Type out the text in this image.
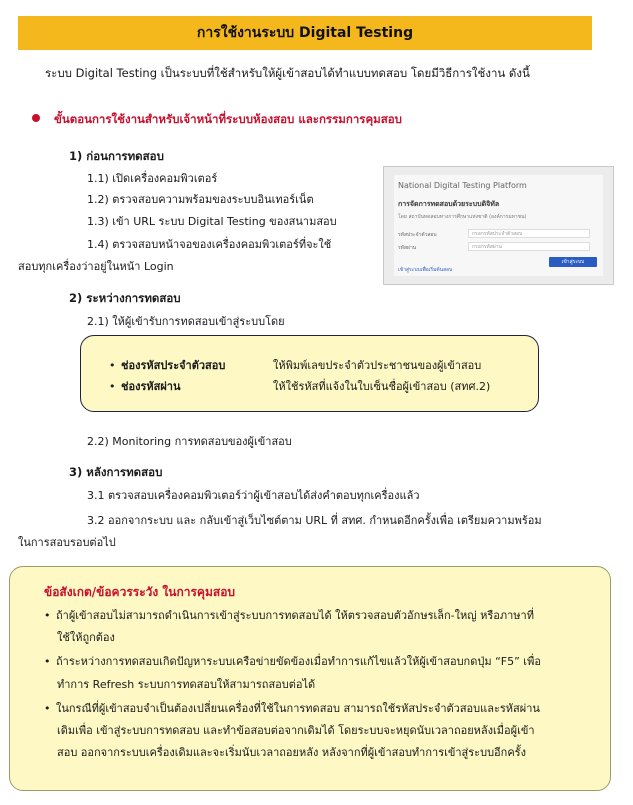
การใช้งานระบบ Digital Testing
ระบบ Digital Testing เป็นระบบที่ใช้สำหรับให้ผู้เข้าสอบได้ทำแบบทดสอบ โดยมีวิธีการใช้งาน ดังนี้
ขั้นตอนการใช้งานสำหรับเจ้าหน้าที่ระบบห้องสอบ และกรรมการคุมสอบ
1) ก่อนการทดสอบ
1.1) เปิดเครื่องคอมพิวเตอร์
1.2) ตรวจสอบความพร้อมของระบบอินเทอร์เน็ต
1.3) เข้า URL ระบบ Digital Testing ของสนามสอบ
1.4) ตรวจสอบหน้าจอของเครื่องคอมพิวเตอร์ที่จะใช้
สอบทุกเครื่องว่าอยู่ในหน้า Login
National Digital Testing Platform
การจัดการทดสอบด้วยระบบดิจิทัล
โดย สถาบันทดสอบทางการศึกษาแห่งชาติ (องค์การมหาชน)
รหัสประจำตัวสอบ	กรอกรหัสประจำตัวสอบ
รหัสผ่าน	กรอกรหัสผ่าน
เข้าสู่ระบบ
เข้าสู่ระบบเพื่อเริ่มต้นสอบ
2) ระหว่างการทดสอบ
2.1) ให้ผู้เข้ารับการทดสอบเข้าสู่ระบบโดย
• ช่องรหัสประจำตัวสอบ	ให้พิมพ์เลขประจำตัวประชาชนของผู้เข้าสอบ
• ช่องรหัสผ่าน	ให้ใช้รหัสที่แจ้งในใบเซ็นชื่อผู้เข้าสอบ (สทศ.2)
2.2) Monitoring การทดสอบของผู้เข้าสอบ
3) หลังการทดสอบ
3.1 ตรวจสอบเครื่องคอมพิวเตอร์ว่าผู้เข้าสอบได้ส่งคำตอบทุกเครื่องแล้ว
3.2 ออกจากระบบ และ กลับเข้าสู่เว็บไซต์ตาม URL ที่ สทศ. กำหนดอีกครั้งเพื่อ เตรียมความพร้อม
ในการสอบรอบต่อไป
ข้อสังเกต/ข้อควรระวัง ในการคุมสอบ
• ถ้าผู้เข้าสอบไม่สามารถดำเนินการเข้าสู่ระบบการทดสอบได้ ให้ตรวจสอบตัวอักษรเล็ก-ใหญ่ หรือภาษาที่
ใช้ให้ถูกต้อง
• ถ้าระหว่างการทดสอบเกิดปัญหาระบบเครือข่ายขัดข้องเมื่อทำการแก้ไขแล้วให้ผู้เข้าสอบกดปุ่ม “F5” เพื่อ
ทำการ Refresh ระบบการทดสอบให้สามารถสอบต่อได้
• ในกรณีที่ผู้เข้าสอบจำเป็นต้องเปลี่ยนเครื่องที่ใช้ในการทดสอบ สามารถใช้รหัสประจำตัวสอบและรหัสผ่าน
เดิมเพื่อ เข้าสู่ระบบการทดสอบ และทำข้อสอบต่อจากเดิมได้ โดยระบบจะหยุดนับเวลาถอยหลังเมื่อผู้เข้า
สอบ ออกจากระบบเครื่องเดิมและจะเริ่มนับเวลาถอยหลัง หลังจากที่ผู้เข้าสอบทำการเข้าสู่ระบบอีกครั้ง
